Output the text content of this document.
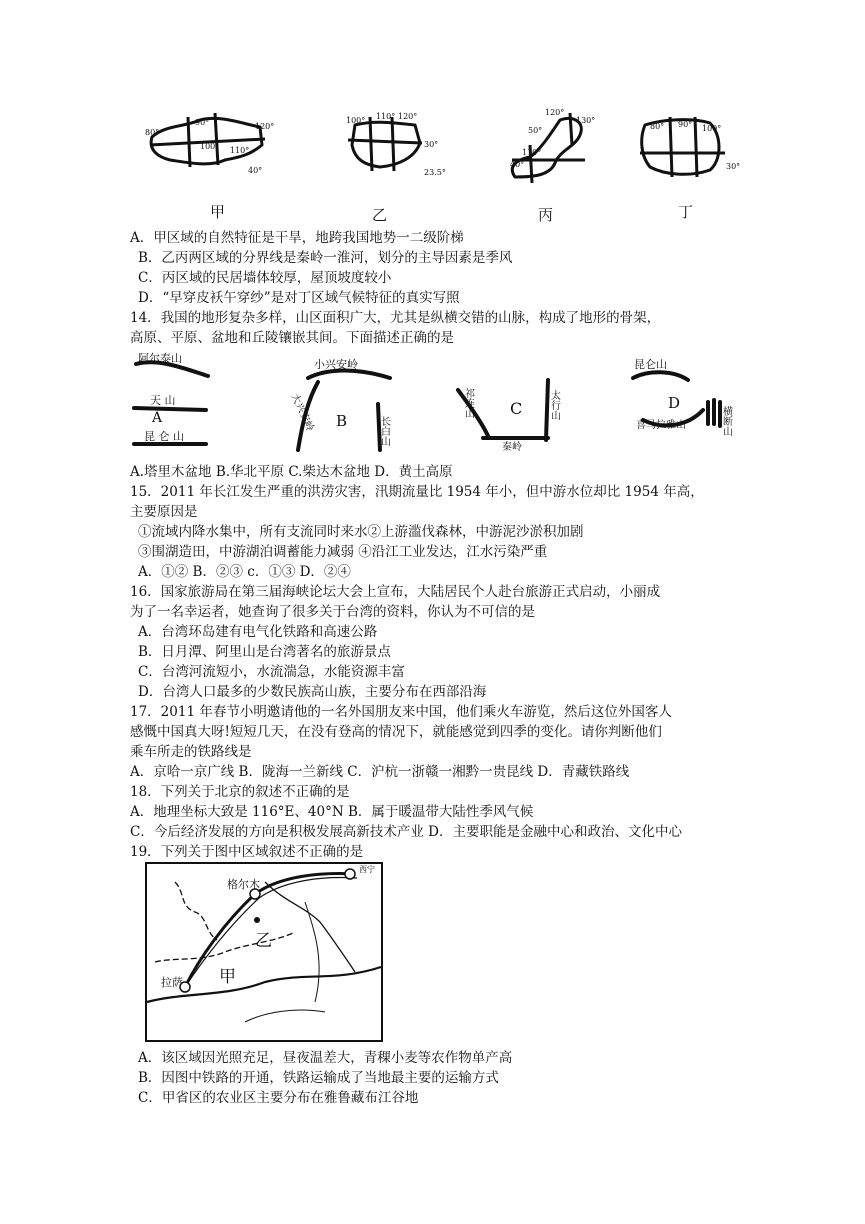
80°
90°	120°
100° 110°
40°
100° 110° 120°
30°
23.5°
120°
130°
50°
110°
40°
80° 90° 100°
30°
甲	乙	丙	丁
A．甲区域的自然特征是干旱，地跨我国地势一二级阶梯
B．乙丙两区域的分界线是秦岭一淮河，划分的主导因素是季风
C．丙区域的民居墙体较厚，屋顶坡度较小
D．“早穿皮袄午穿纱”是对丁区域气候特征的真实写照
14．我国的地形复杂多样，山区面积广大，尤其是纵横交错的山脉，构成了地形的骨架，
高原、平原、盆地和丘陵镶嵌其间。下面描述正确的是
阿尔泰山
天 山
A
昆 仑 山
小兴安岭
大兴安岭 B	长白山
祁连山 C	太行山
秦岭
昆仑山
D
喜马拉雅山	横断山
A.塔里木盆地 B.华北平原 C.柴达木盆地 D．黄土高原
15．2011 年长江发生严重的洪涝灾害，汛期流量比 1954 年小，但中游水位却比 1954 年高，
主要原因是
①流域内降水集中，所有支流同时来水②上游滥伐森林，中游泥沙淤积加剧
③围湖造田，中游湖泊调蓄能力减弱 ④沿江工业发达，江水污染严重
A．①② B．②③ c．①③ D．②④
16．国家旅游局在第三届海峡论坛大会上宣布，大陆居民个人赴台旅游正式启动，小丽成
为了一名幸运者，她查询了很多关于台湾的资料，你认为不可信的是
A．台湾环岛建有电气化铁路和高速公路
B．日月潭、阿里山是台湾著名的旅游景点
C．台湾河流短小，水流湍急，水能资源丰富
D．台湾人口最多的少数民族高山族，主要分布在西部沿海
17．2011 年春节小明邀请他的一名外国朋友来中国，他们乘火车游览，然后这位外国客人
感慨中国真大呀!短短几天，在没有登高的情况下，就能感觉到四季的变化。请你判断他们
乘车所走的铁路线是
A．京哈一京广线 B．陇海一兰新线 C．沪杭一浙赣一湘黔一贵昆线 D．青藏铁路线
18．下列关于北京的叙述不正确的是
A．地理坐标大致是 116°E、40°N B．属于暖温带大陆性季风气候
C．今后经济发展的方向是积极发展高新技术产业 D．主要职能是金融中心和政治、文化中心
19．下列关于图中区域叙述不正确的是
格尔木
西宁
乙
拉萨 甲
A．该区域因光照充足，昼夜温差大，青稞小麦等农作物单产高
B．因图中铁路的开通，铁路运输成了当地最主要的运输方式
C．甲省区的农业区主要分布在雅鲁藏布江谷地
